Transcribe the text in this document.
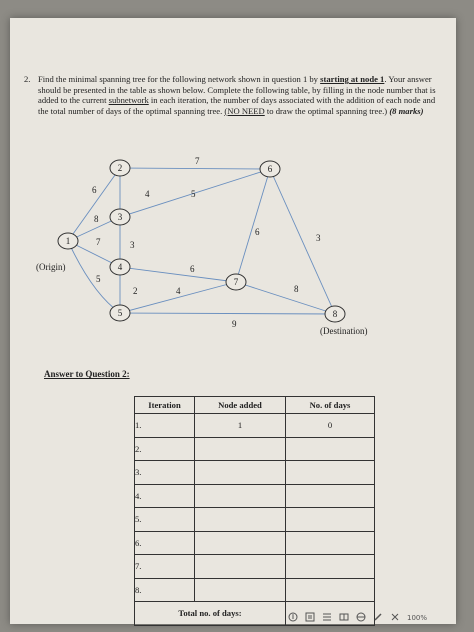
2. Find the minimal spanning tree for the following network shown in question 1 by starting at node 1. Your answer should be presented in the table as shown below. Complete the following table, by filling in the node number that is added to the current subnetwork in each iteration, the number of days associated with the addition of each node and the total number of days of the optimal spanning tree. (NO NEED to draw the optimal spanning tree.) (8 marks)
6
8
7
5
4
7
3
5
2
6
4
9
6
3
8
1
2
3
4
5
6
7
8
(Origin)
(Destination)
Answer to Question 2:
Iteration	Node added	No. of days
1.	1	0
2.		
3.		
4.		
5.		
6.		
7.		
8.		
Total no. of days:			100%
